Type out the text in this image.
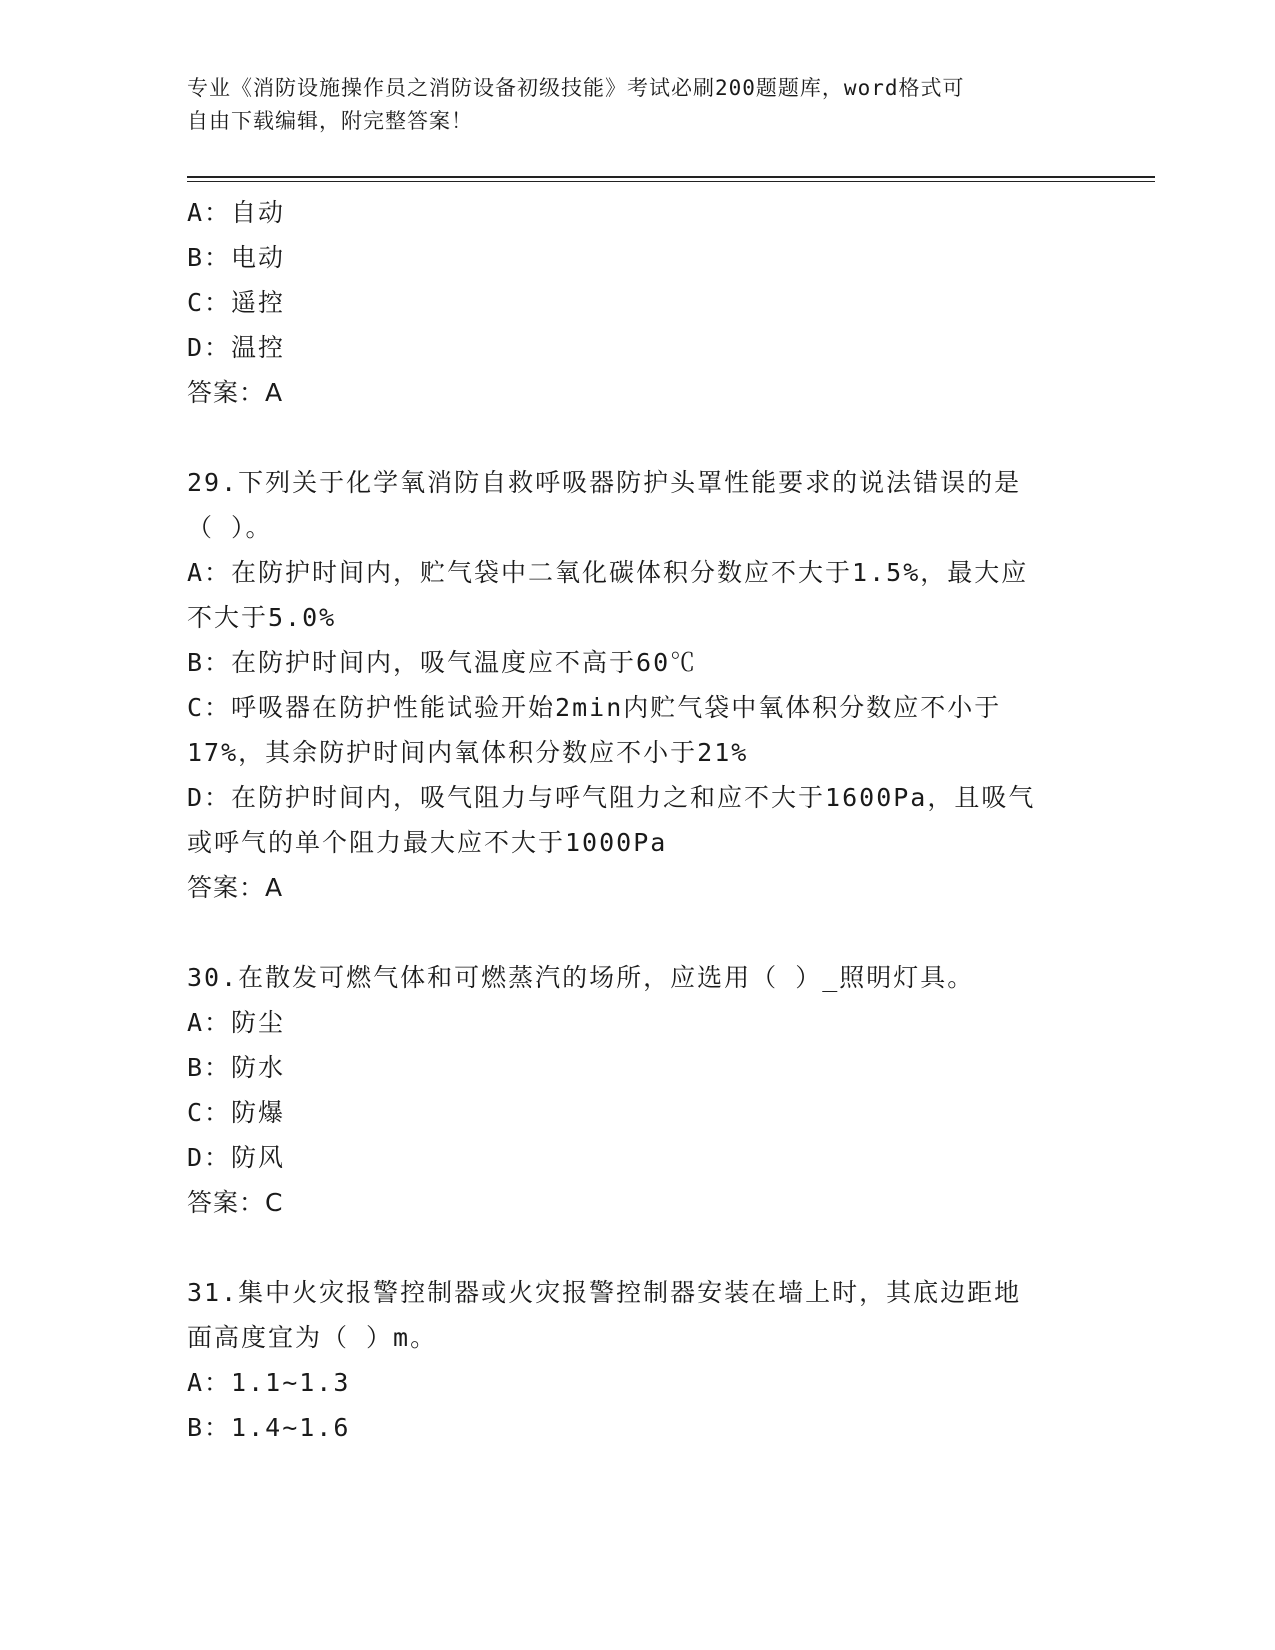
专业《消防设施操作员之消防设备初级技能》考试必刷200题题库，word格式可
自由下载编辑，附完整答案！

A：自动

B：电动

C：遥控

D：温控

答案：A

29.下列关于化学氧消防自救呼吸器防护头罩性能要求的说法错误的是

（ ）。

A：在防护时间内，贮气袋中二氧化碳体积分数应不大于1.5%，最大应

不大于5.0%

B：在防护时间内，吸气温度应不高于60℃

C：呼吸器在防护性能试验开始2min内贮气袋中氧体积分数应不小于

17%，其余防护时间内氧体积分数应不小于21%

D：在防护时间内，吸气阻力与呼气阻力之和应不大于1600Pa，且吸气

或呼气的单个阻力最大应不大于1000Pa

答案：A

30.在散发可燃气体和可燃蒸汽的场所，应选用（ ）_照明灯具。

A：防尘

B：防水

C：防爆

D：防风

答案：C

31.集中火灾报警控制器或火灾报警控制器安装在墙上时，其底边距地

面高度宜为（ ）m。

A：1.1~1.3

B：1.4~1.6
